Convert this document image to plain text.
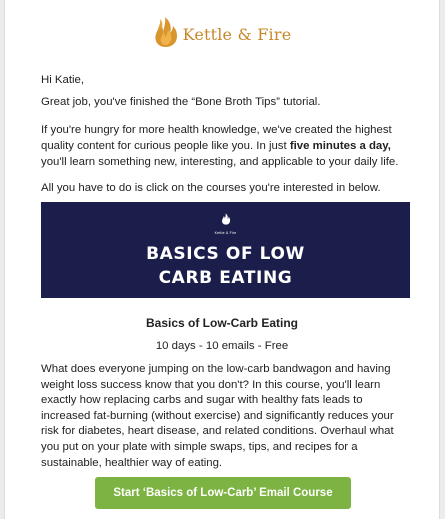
Kettle & Fire

Hi Katie,

Great job, you've finished the “Bone Broth Tips” tutorial.

If you're hungry for more health knowledge, we've created the highest quality content for curious people like you. In just five minutes a day, you'll learn something new, interesting, and applicable to your daily life.

All you have to do is click on the courses you're interested in below.

Kettle & Fire
BASICS OF LOW
CARB EATING
Basics of Low-Carb Eating
10 days - 10 emails - Free

What does everyone jumping on the low-carb bandwagon and having weight loss success know that you don't? In this course, you'll learn exactly how replacing carbs and sugar with healthy fats leads to increased fat-burning (without exercise) and significantly reduces your risk for diabetes, heart disease, and related conditions. Overhaul what you put on your plate with simple swaps, tips, and recipes for a sustainable, healthier way of eating.

Start ‘Basics of Low-Carb’ Email Course
